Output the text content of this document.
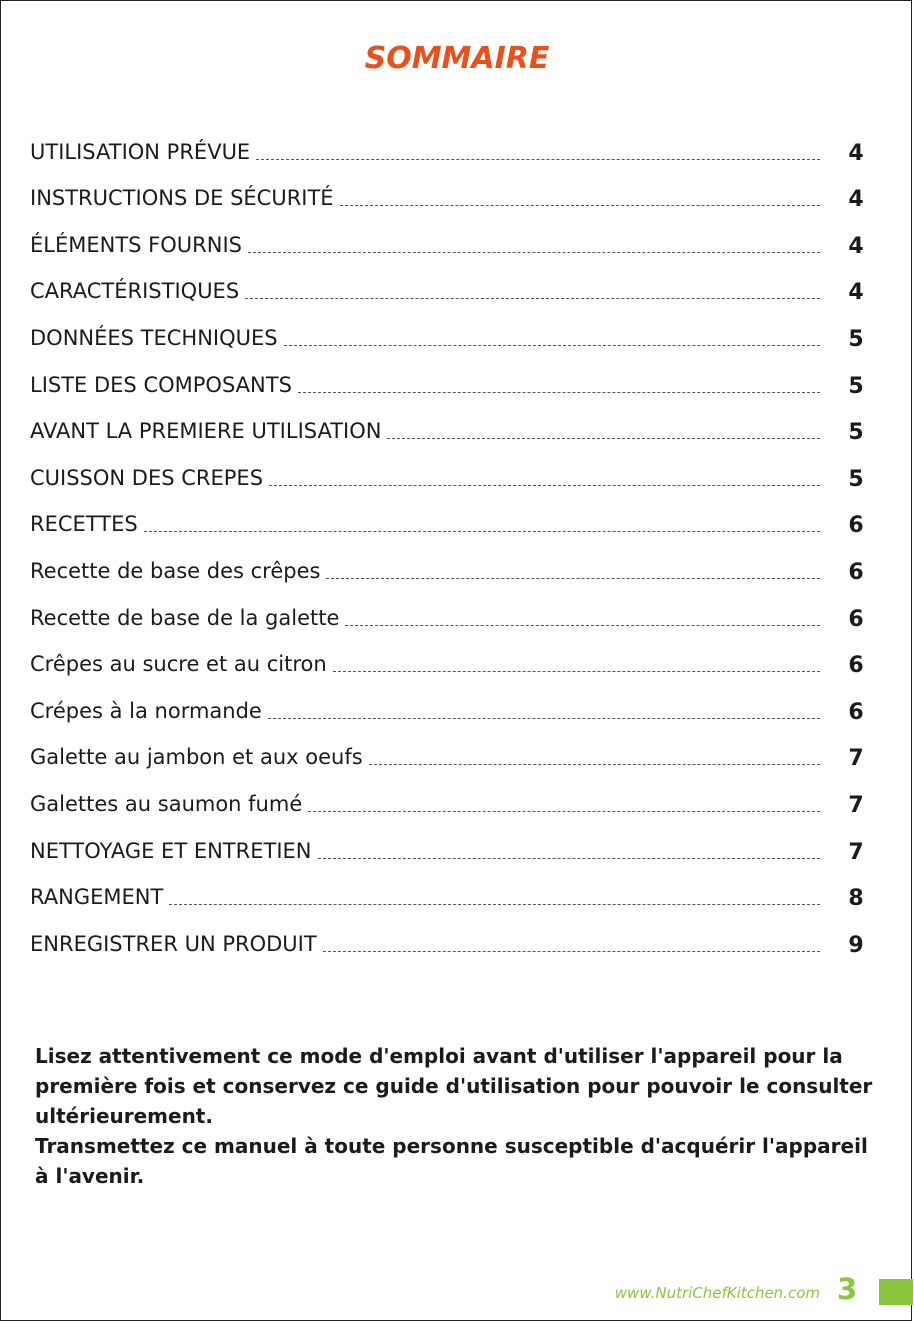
SOMMAIRE
UTILISATION PRÉVUE	4
INSTRUCTIONS DE SÉCURITÉ	4
ÉLÉMENTS FOURNIS	4
CARACTÉRISTIQUES	4
DONNÉES TECHNIQUES	5
LISTE DES COMPOSANTS	5
AVANT LA PREMIERE UTILISATION	5
CUISSON DES CREPES	5
RECETTES	6
Recette de base des crêpes	6
Recette de base de la galette	6
Crêpes au sucre et au citron	6
Crépes à la normande	6
Galette au jambon et aux oeufs	7
Galettes au saumon fumé	7
NETTOYAGE ET ENTRETIEN	7
RANGEMENT	8
ENREGISTRER UN PRODUIT	9

Lisez attentivement ce mode d'emploi avant d'utiliser l'appareil pour la première fois et conservez ce guide d'utilisation pour pouvoir le consulter ultérieurement.

Transmettez ce manuel à toute personne susceptible d'acquérir l'appareil à l'avenir.

www.NutriChefKitchen.com 3
